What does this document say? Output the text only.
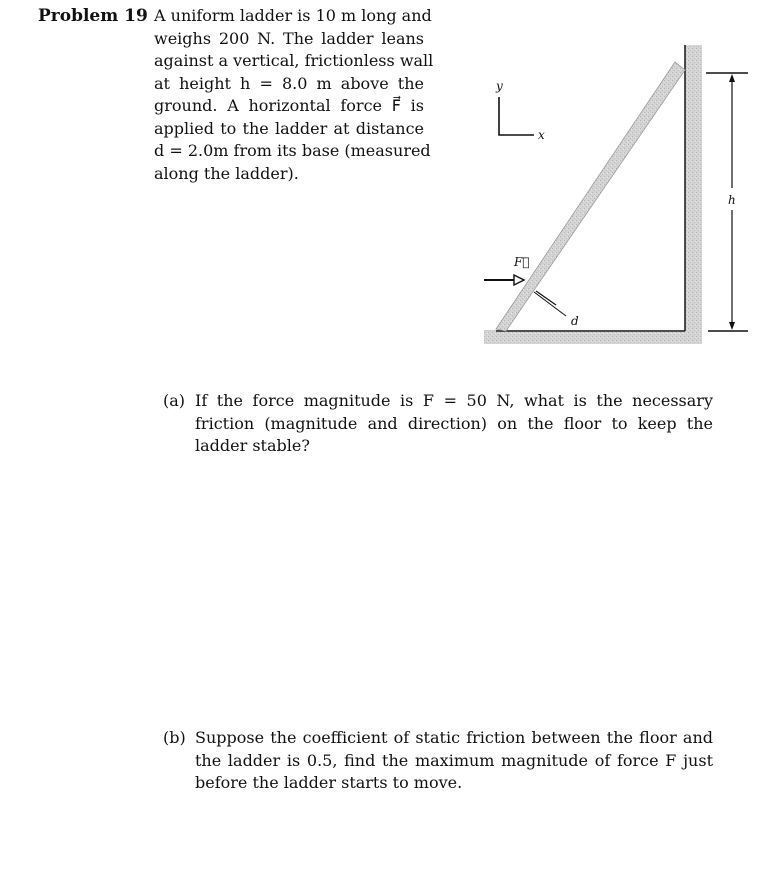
Problem 19 A uniform ladder is 10 m long and
weighs 200 N. The ladder leans
against a vertical, frictionless wall
at height h = 8.0 m above the
ground. A horizontal force F⃗ is
applied to the ladder at distance
d = 2.0m from its base (measured
along the ladder).
y
x
F⃗
d
h
(a) If the force magnitude is F = 50 N, what is the necessary friction (magnitude and direction) on the floor to keep the ladder stable?
(b) Suppose the coefficient of static friction between the floor and the ladder is 0.5, find the maximum magnitude of force F just before the ladder starts to move.
